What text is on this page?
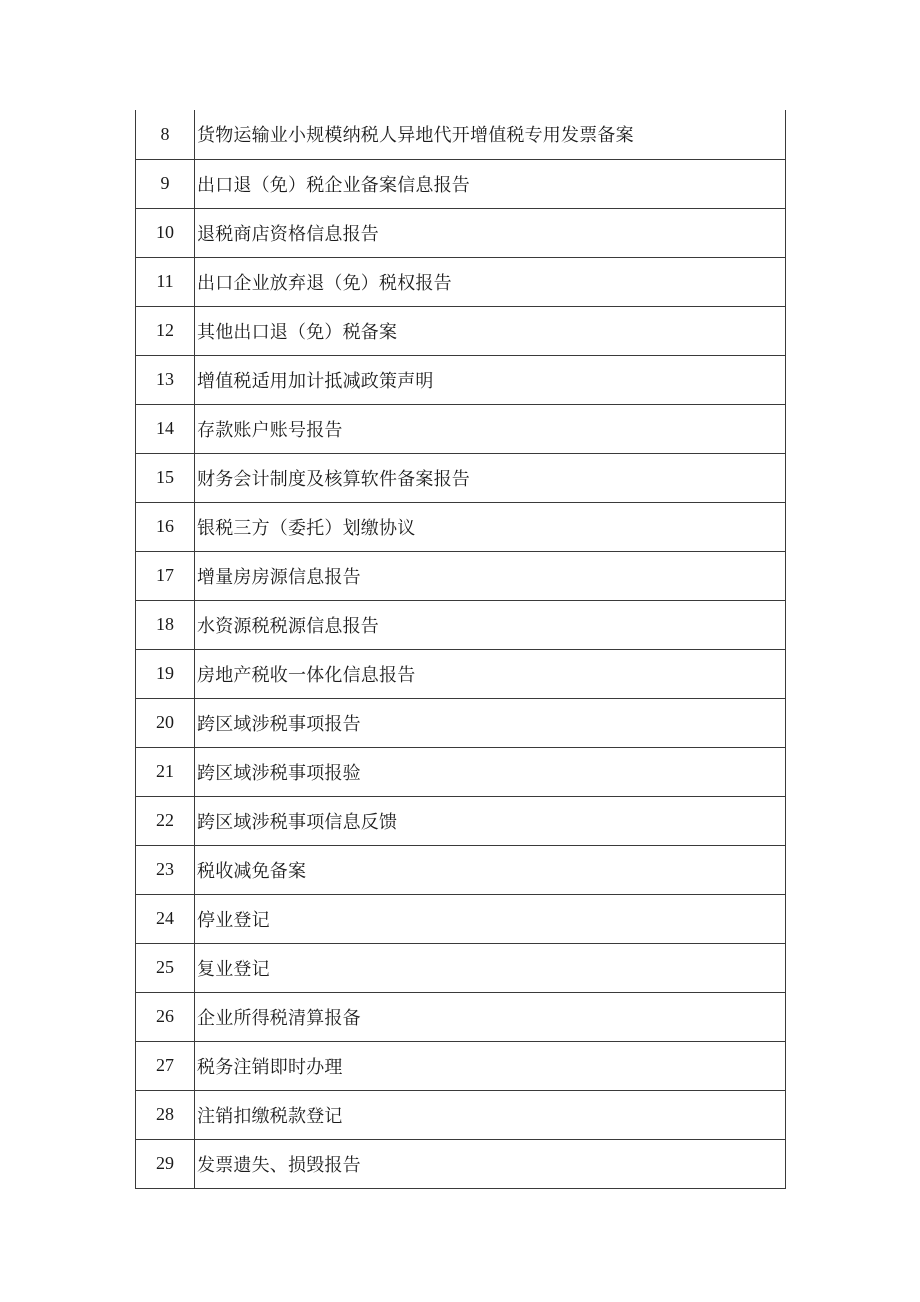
8	货物运输业小规模纳税人异地代开增值税专用发票备案
9	出口退（免）税企业备案信息报告
10	退税商店资格信息报告
11	出口企业放弃退（免）税权报告
12	其他出口退（免）税备案
13	增值税适用加计抵减政策声明
14	存款账户账号报告
15	财务会计制度及核算软件备案报告
16	银税三方（委托）划缴协议
17	增量房房源信息报告
18	水资源税税源信息报告
19	房地产税收一体化信息报告
20	跨区域涉税事项报告
21	跨区域涉税事项报验
22	跨区域涉税事项信息反馈
23	税收减免备案
24	停业登记
25	复业登记
26	企业所得税清算报备
27	税务注销即时办理
28	注销扣缴税款登记
29	发票遗失、损毁报告
